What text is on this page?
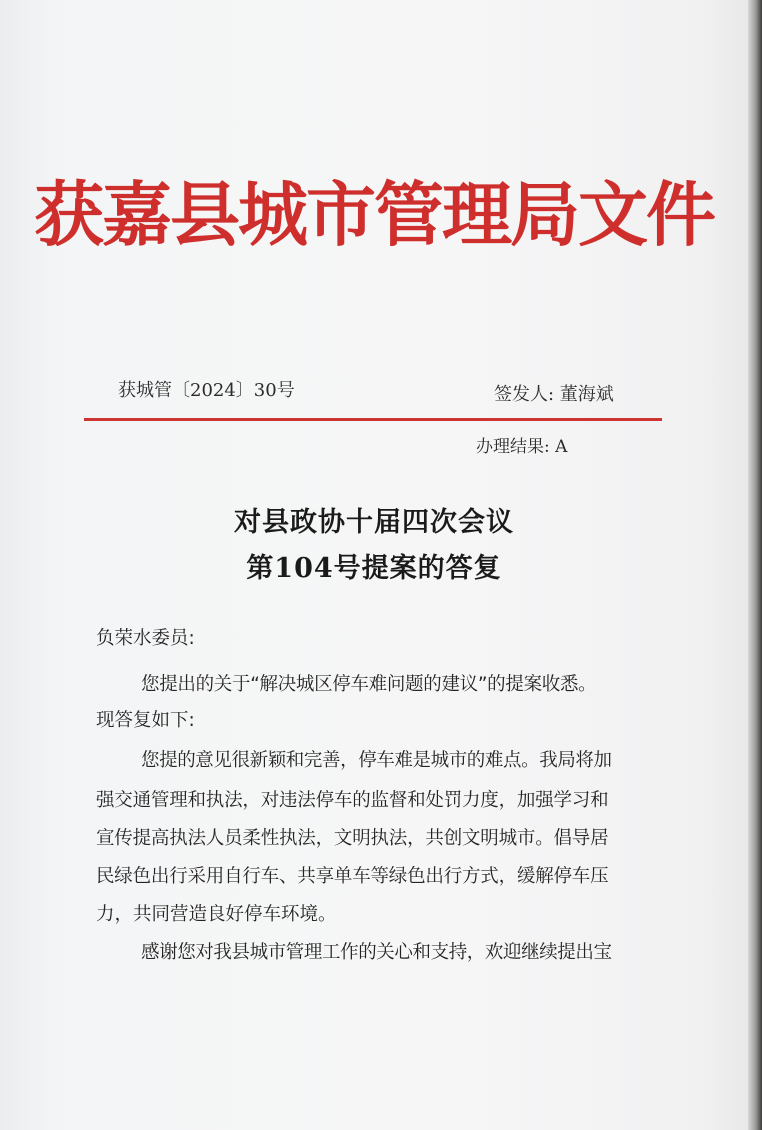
获嘉县城市管理局文件
获城管〔2024〕30号	签发人: 董海斌
办理结果: A
对县政协十届四次会议
第104号提案的答复
负荣水委员:
您提出的关于“解决城区停车难问题的建议”的提案收悉。
现答复如下:
您提的意见很新颖和完善，停车难是城市的难点。我局将加
强交通管理和执法，对违法停车的监督和处罚力度，加强学习和
宣传提高执法人员柔性执法，文明执法，共创文明城市。倡导居
民绿色出行采用自行车、共享单车等绿色出行方式，缓解停车压
力，共同营造良好停车环境。
感谢您对我县城市管理工作的关心和支持，欢迎继续提出宝
